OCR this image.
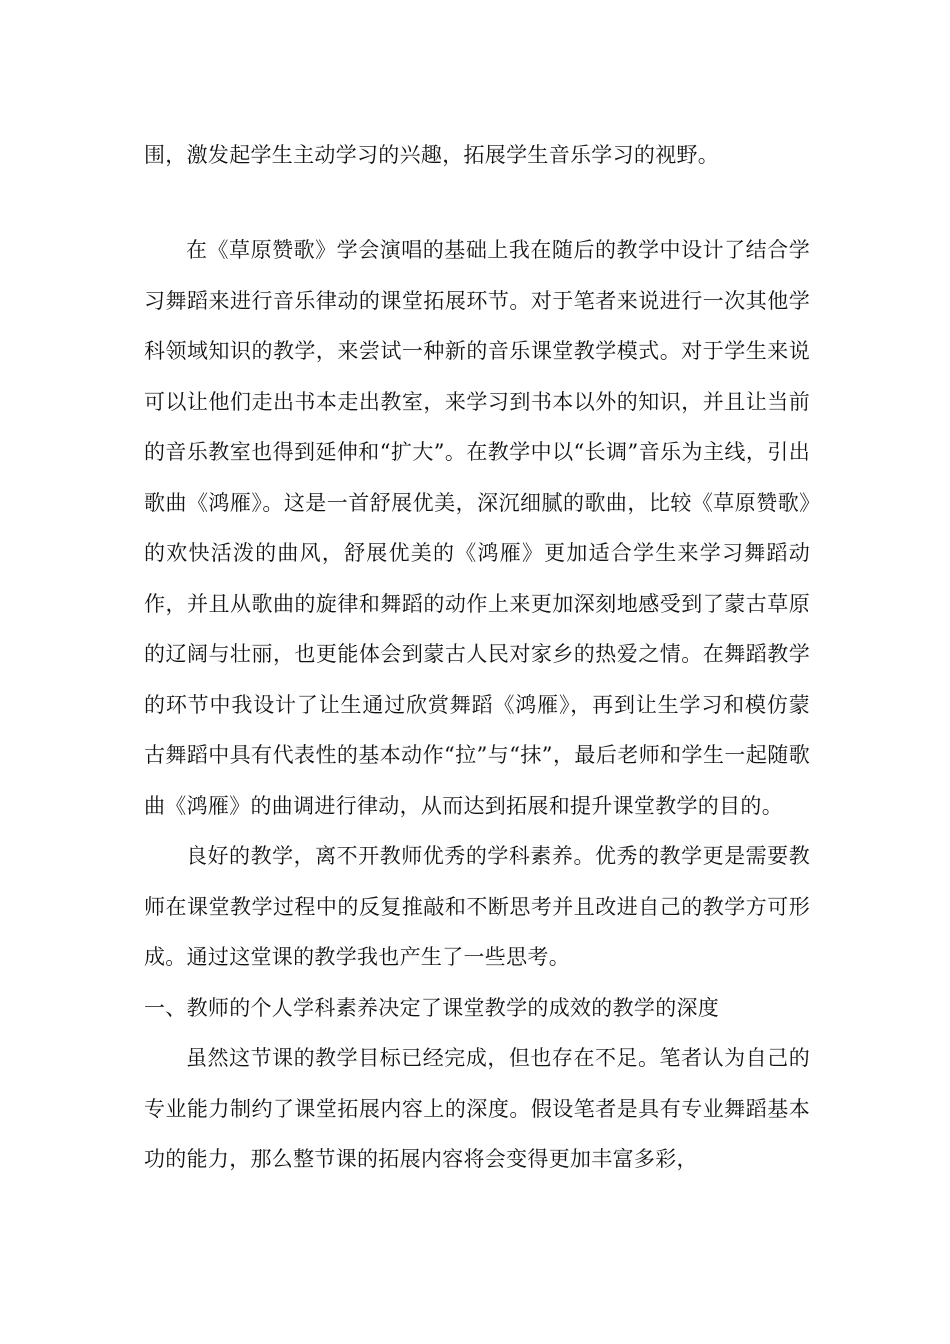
围，激发起学生主动学习的兴趣，拓展学生音乐学习的视野。

在《草原赞歌》学会演唱的基础上我在随后的教学中设计了结合学习舞蹈来进行音乐律动的课堂拓展环节。对于笔者来说进行一次其他学科领域知识的教学，来尝试一种新的音乐课堂教学模式。对于学生来说可以让他们走出书本走出教室，来学习到书本以外的知识，并且让当前的音乐教室也得到延伸和“扩大”。在教学中以“长调”音乐为主线，引出歌曲《鸿雁》。这是一首舒展优美，深沉细腻的歌曲，比较《草原赞歌》的欢快活泼的曲风，舒展优美的《鸿雁》更加适合学生来学习舞蹈动作，并且从歌曲的旋律和舞蹈的动作上来更加深刻地感受到了蒙古草原的辽阔与壮丽，也更能体会到蒙古人民对家乡的热爱之情。在舞蹈教学的环节中我设计了让生通过欣赏舞蹈《鸿雁》，再到让生学习和模仿蒙古舞蹈中具有代表性的基本动作“拉”与“抹”，最后老师和学生一起随歌曲《鸿雁》的曲调进行律动，从而达到拓展和提升课堂教学的目的。

良好的教学，离不开教师优秀的学科素养。优秀的教学更是需要教师在课堂教学过程中的反复推敲和不断思考并且改进自己的教学方可形成。通过这堂课的教学我也产生了一些思考。

一、教师的个人学科素养决定了课堂教学的成效的教学的深度

虽然这节课的教学目标已经完成，但也存在不足。笔者认为自己的专业能力制约了课堂拓展内容上的深度。假设笔者是具有专业舞蹈基本功的能力，那么整节课的拓展内容将会变得更加丰富多彩，
